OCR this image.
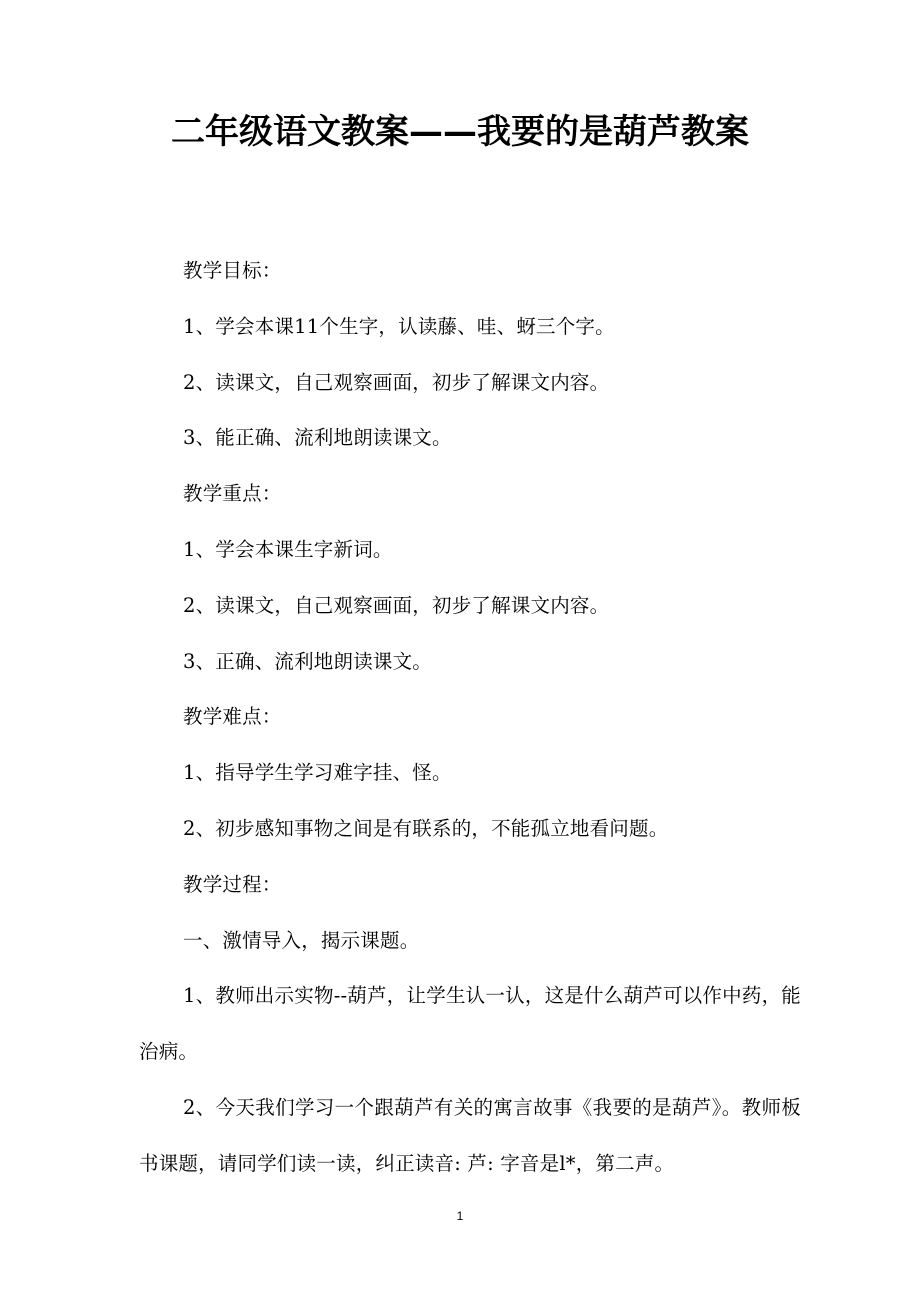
二年级语文教案——我要的是葫芦教案

教学目标：

1、学会本课11个生字，认读藤、哇、蚜三个字。

2、读课文，自己观察画面，初步了解课文内容。

3、能正确、流利地朗读课文。

教学重点：

1、学会本课生字新词。

2、读课文，自己观察画面，初步了解课文内容。

3、正确、流利地朗读课文。

教学难点：

1、指导学生学习难字挂、怪。

2、初步感知事物之间是有联系的，不能孤立地看问题。

教学过程：

一、激情导入，揭示课题。

1、教师出示实物--葫芦，让学生认一认，这是什么葫芦可以作中药，能治病。

2、今天我们学习一个跟葫芦有关的寓言故事《我要的是葫芦》。教师板书课题，请同学们读一读，纠正读音: 芦: 字音是l*，第二声。

1
